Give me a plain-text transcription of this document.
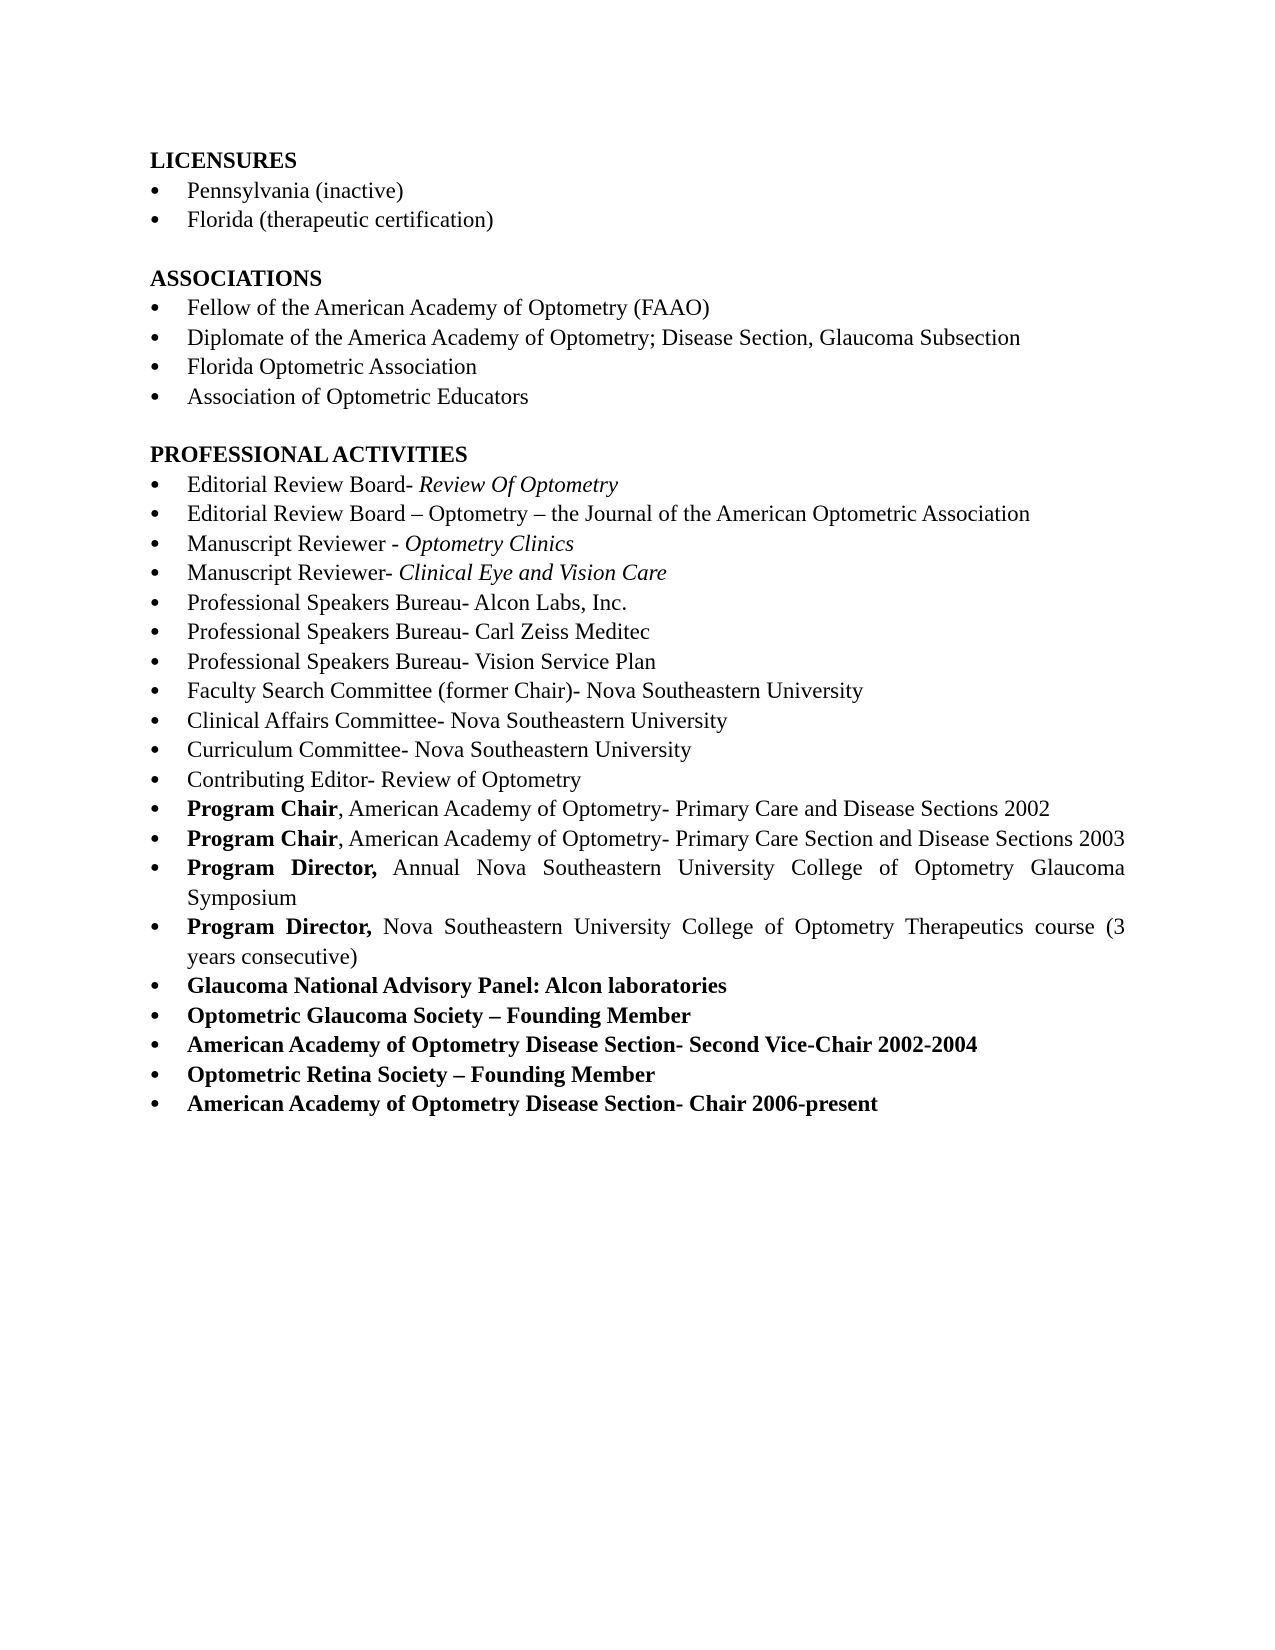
LICENSURES
●	Pennsylvania (inactive)
●	Florida (therapeutic certification)
ASSOCIATIONS
●	Fellow of the American Academy of Optometry (FAAO)
●	Diplomate of the America Academy of Optometry; Disease Section, Glaucoma Subsection
●	Florida Optometric Association
●	Association of Optometric Educators
PROFESSIONAL ACTIVITIES
●	Editorial Review Board- Review Of Optometry
●	Editorial Review Board – Optometry – the Journal of the American Optometric Association
●	Manuscript Reviewer - Optometry Clinics
●	Manuscript Reviewer- Clinical Eye and Vision Care
●	Professional Speakers Bureau- Alcon Labs, Inc.
●	Professional Speakers Bureau- Carl Zeiss Meditec
●	Professional Speakers Bureau- Vision Service Plan
●	Faculty Search Committee (former Chair)- Nova Southeastern University
●	Clinical Affairs Committee- Nova Southeastern University
●	Curriculum Committee- Nova Southeastern University
●	Contributing Editor- Review of Optometry
●	Program Chair, American Academy of Optometry- Primary Care and Disease Sections 2002
●	Program Chair, American Academy of Optometry- Primary Care Section and Disease Sections 2003
●	Program Director, Annual Nova Southeastern University College of Optometry Glaucoma Symposium
●	Program Director, Nova Southeastern University College of Optometry Therapeutics course (3 years consecutive)
●	Glaucoma National Advisory Panel: Alcon laboratories
●	Optometric Glaucoma Society – Founding Member
●	American Academy of Optometry Disease Section- Second Vice-Chair 2002-2004
●	Optometric Retina Society – Founding Member
●	American Academy of Optometry Disease Section- Chair 2006-present
